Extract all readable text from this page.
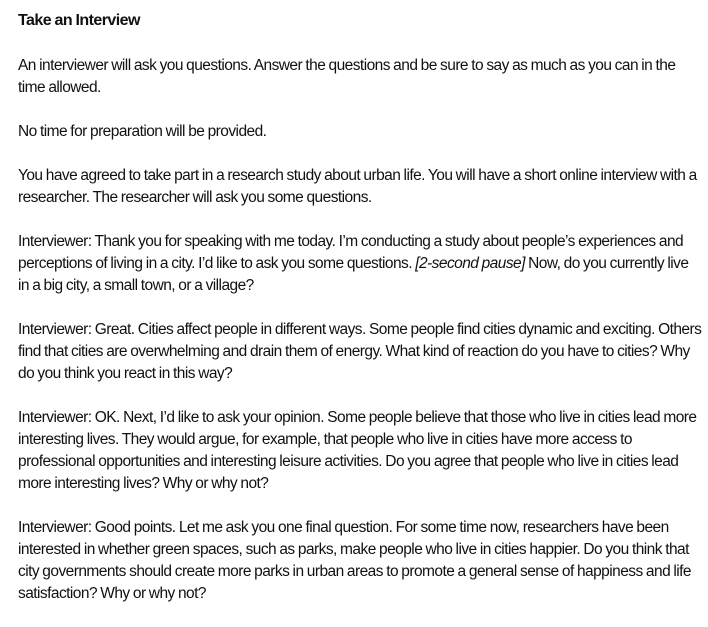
Take an Interview

An interviewer will ask you questions. Answer the questions and be sure to say as much as you can in the time allowed.

No time for preparation will be provided.

You have agreed to take part in a research study about urban life. You will have a short online interview with a researcher. The researcher will ask you some questions.

Interviewer: Thank you for speaking with me today. I’m conducting a study about people’s experiences and perceptions of living in a city. I’d like to ask you some questions. [2-second pause] Now, do you currently live in a big city, a small town, or a village?

Interviewer: Great. Cities affect people in different ways. Some people find cities dynamic and exciting. Others find that cities are overwhelming and drain them of energy. What kind of reaction do you have to cities? Why do you think you react in this way?

Interviewer: OK. Next, I’d like to ask your opinion. Some people believe that those who live in cities lead more interesting lives. They would argue, for example, that people who live in cities have more access to professional opportunities and interesting leisure activities. Do you agree that people who live in cities lead more interesting lives? Why or why not?

Interviewer: Good points. Let me ask you one final question. For some time now, researchers have been interested in whether green spaces, such as parks, make people who live in cities happier. Do you think that city governments should create more parks in urban areas to promote a general sense of happiness and life satisfaction? Why or why not?
